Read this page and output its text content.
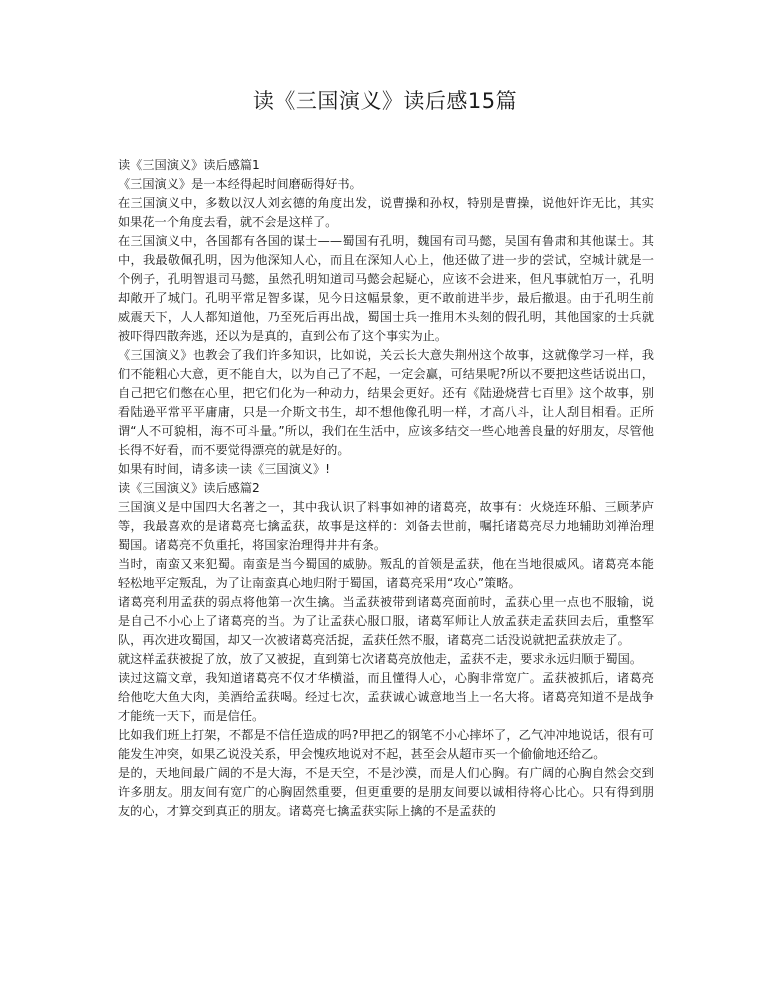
读《三国演义》读后感15篇

读《三国演义》读后感篇1

《三国演义》是一本经得起时间磨砺得好书。

在三国演义中，多数以汉人刘玄德的角度出发，说曹操和孙权，特别是曹操，说他奸诈无比，其实如果花一个角度去看，就不会是这样了。

在三国演义中，各国都有各国的谋士——蜀国有孔明，魏国有司马懿，吴国有鲁肃和其他谋士。其中，我最敬佩孔明，因为他深知人心，而且在深知人心上，他还做了进一步的尝试，空城计就是一个例子，孔明智退司马懿，虽然孔明知道司马懿会起疑心，应该不会进来，但凡事就怕万一，孔明却敞开了城门。孔明平常足智多谋，见今日这幅景象，更不敢前进半步，最后撤退。由于孔明生前威震天下，人人都知道他，乃至死后再出战，蜀国士兵一推用木头刻的假孔明，其他国家的士兵就被吓得四散奔逃，还以为是真的，直到公布了这个事实为止。

《三国演义》也教会了我们许多知识，比如说，关云长大意失荆州这个故事，这就像学习一样，我们不能粗心大意，更不能自大，以为自己了不起，一定会赢，可结果呢?所以不要把这些话说出口，自己把它们憋在心里，把它们化为一种动力，结果会更好。还有《陆逊烧营七百里》这个故事，别看陆逊平常平平庸庸，只是一介斯文书生，却不想他像孔明一样，才高八斗，让人刮目相看。正所谓“人不可貌相，海不可斗量。”所以，我们在生活中，应该多结交一些心地善良量的好朋友，尽管他长得不好看，而不要觉得漂亮的就是好的。

如果有时间，请多读一读《三国演义》!

读《三国演义》读后感篇2

三国演义是中国四大名著之一，其中我认识了料事如神的诸葛亮，故事有：火烧连环船、三顾茅庐等，我最喜欢的是诸葛亮七擒孟获，故事是这样的：刘备去世前，嘱托诸葛亮尽力地辅助刘禅治理蜀国。诸葛亮不负重托，将国家治理得井井有条。

当时，南蛮又来犯蜀。南蛮是当今蜀国的威胁。叛乱的首领是孟获，他在当地很威风。诸葛亮本能轻松地平定叛乱，为了让南蛮真心地归附于蜀国，诸葛亮采用“攻心”策略。

诸葛亮利用孟获的弱点将他第一次生擒。当孟获被带到诸葛亮面前时，孟获心里一点也不服输，说是自己不小心上了诸葛亮的当。为了让孟获心服口服，诸葛军师让人放孟获走孟获回去后，重整军队，再次进攻蜀国，却又一次被诸葛亮活捉，孟获任然不服，诸葛亮二话没说就把孟获放走了。

就这样孟获被捉了放，放了又被捉，直到第七次诸葛亮放他走，孟获不走，要求永远归顺于蜀国。

读过这篇文章，我知道诸葛亮不仅才华横溢，而且懂得人心，心胸非常宽广。孟获被抓后，诸葛亮给他吃大鱼大肉，美酒给孟获喝。经过七次，孟获诚心诚意地当上一名大将。诸葛亮知道不是战争才能统一天下，而是信任。

比如我们班上打架，不都是不信任造成的吗?甲把乙的钢笔不小心摔坏了，乙气冲冲地说话，很有可能发生冲突，如果乙说没关系，甲会愧疚地说对不起，甚至会从超市买一个偷偷地还给乙。

是的，天地间最广阔的不是大海，不是天空，不是沙漠，而是人们心胸。有广阔的心胸自然会交到许多朋友。朋友间有宽广的心胸固然重要，但更重要的是朋友间要以诚相待将心比心。只有得到朋友的心，才算交到真正的朋友。诸葛亮七擒孟获实际上擒的不是孟获的
